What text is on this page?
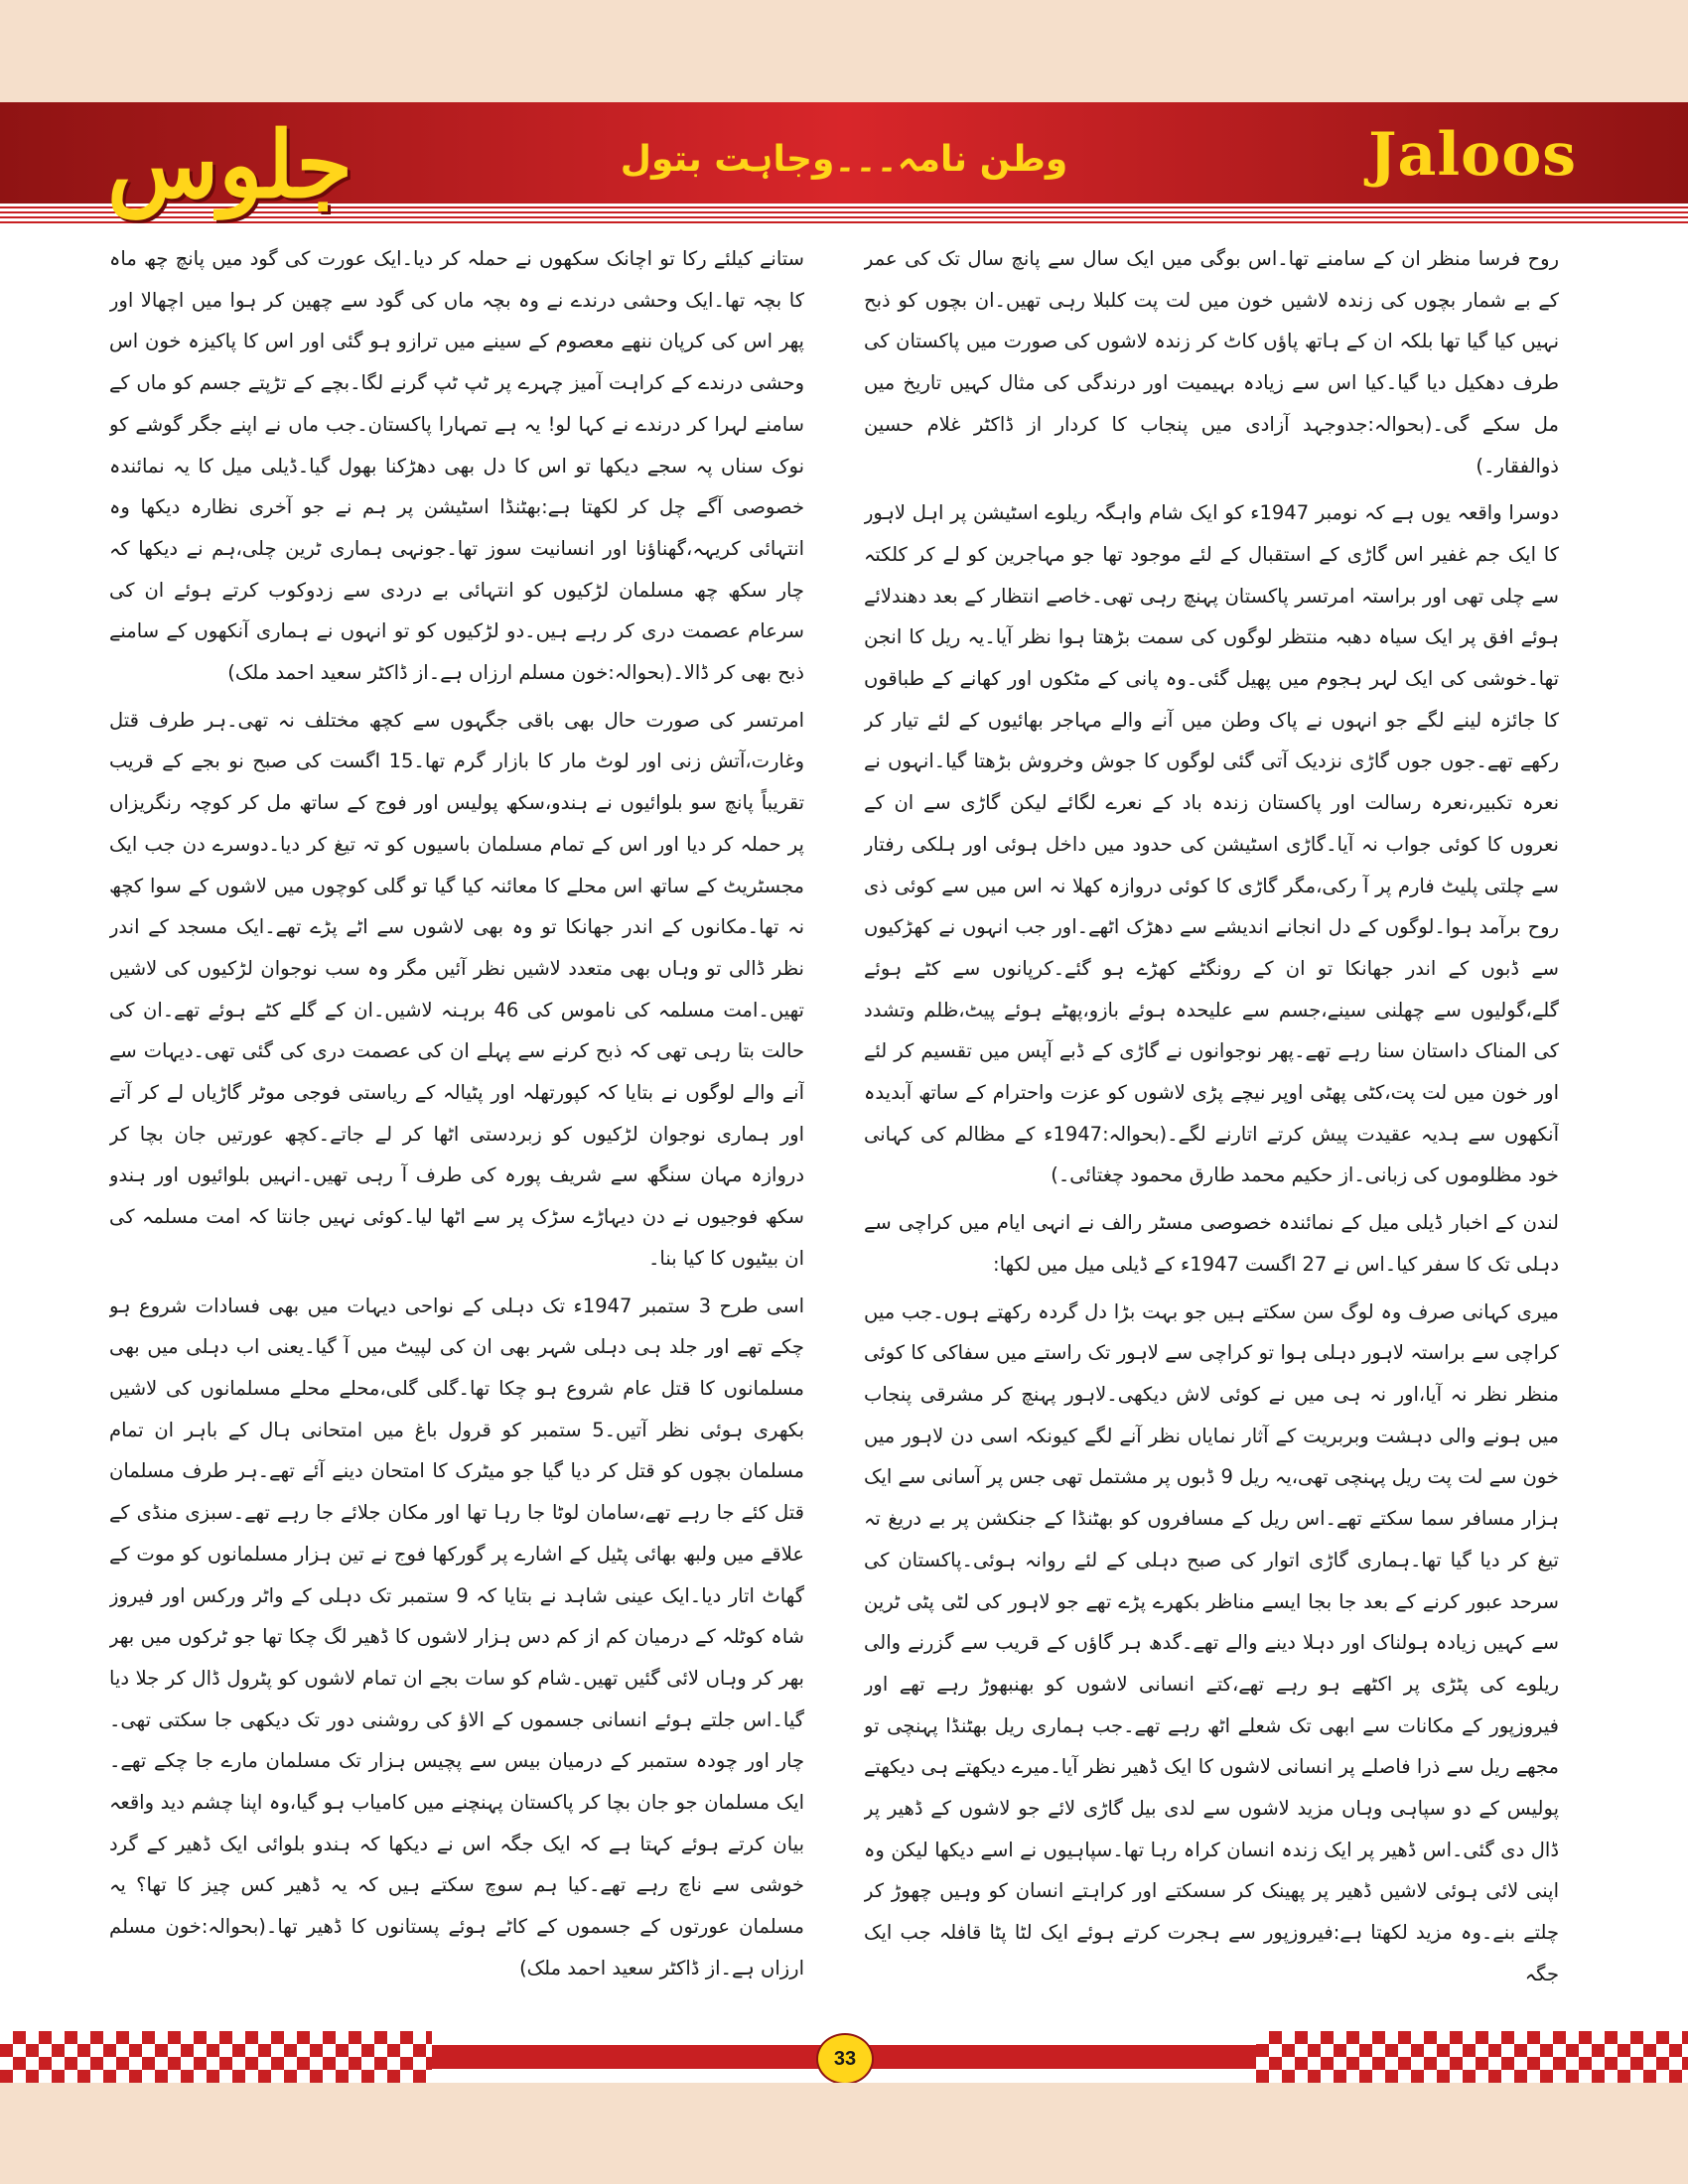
جلوس	وطن نامہ۔۔۔وجاہت بتول	Jaloos

روح فرسا منظر ان کے سامنے تھا۔اس بوگی میں ایک سال سے پانچ سال تک کی عمر کے بے شمار بچوں کی زندہ لاشیں خون میں لت پت کلبلا رہی تھیں۔ان بچوں کو ذبح نہیں کیا گیا تھا بلکہ ان کے ہاتھ پاؤں کاٹ کر زندہ لاشوں کی صورت میں پاکستان کی طرف دھکیل دیا گیا۔کیا اس سے زیادہ بہیمیت اور درندگی کی مثال کہیں تاریخ میں مل سکے گی۔(بحوالہ:جدوجہد آزادی میں پنجاب کا کردار از ڈاکٹر غلام حسین ذوالفقار۔)

دوسرا واقعہ یوں ہے کہ نومبر 1947ء کو ایک شام واہگہ ریلوے اسٹیشن پر اہل لاہور کا ایک جم غفیر اس گاڑی کے استقبال کے لئے موجود تھا جو مہاجرین کو لے کر کلکتہ سے چلی تھی اور براستہ امرتسر پاکستان پہنچ رہی تھی۔خاصے انتظار کے بعد دھندلائے ہوئے افق پر ایک سیاہ دھبہ منتظر لوگوں کی سمت بڑھتا ہوا نظر آیا۔یہ ریل کا انجن تھا۔خوشی کی ایک لہر ہجوم میں پھیل گئی۔وہ پانی کے مٹکوں اور کھانے کے طباقوں کا جائزہ لینے لگے جو انہوں نے پاک وطن میں آنے والے مہاجر بھائیوں کے لئے تیار کر رکھے تھے۔جوں جوں گاڑی نزدیک آتی گئی لوگوں کا جوش وخروش بڑھتا گیا۔انہوں نے نعرہ تکبیر،نعرہ رسالت اور پاکستان زندہ باد کے نعرے لگائے لیکن گاڑی سے ان کے نعروں کا کوئی جواب نہ آیا۔گاڑی اسٹیشن کی حدود میں داخل ہوئی اور ہلکی رفتار سے چلتی پلیٹ فارم پر آ رکی،مگر گاڑی کا کوئی دروازہ کھلا نہ اس میں سے کوئی ذی روح برآمد ہوا۔لوگوں کے دل انجانے اندیشے سے دھڑک اٹھے۔اور جب انہوں نے کھڑکیوں سے ڈبوں کے اندر جھانکا تو ان کے رونگٹے کھڑے ہو گئے۔کرپانوں سے کٹے ہوئے گلے،گولیوں سے چھلنی سینے،جسم سے علیحدہ ہوئے بازو،پھٹے ہوئے پیٹ،ظلم وتشدد کی المناک داستان سنا رہے تھے۔پھر نوجوانوں نے گاڑی کے ڈبے آپس میں تقسیم کر لئے اور خون میں لت پت،کٹی پھٹی اوپر نیچے پڑی لاشوں کو عزت واحترام کے ساتھ آبدیدہ آنکھوں سے ہدیہ عقیدت پیش کرتے اتارنے لگے۔(بحوالہ:1947ء کے مظالم کی کہانی خود مظلوموں کی زبانی۔از حکیم محمد طارق محمود چغتائی۔)

لندن کے اخبار ڈیلی میل کے نمائندہ خصوصی مسٹر رالف نے انہی ایام میں کراچی سے دہلی تک کا سفر کیا۔اس نے 27 اگست 1947ء کے ڈیلی میل میں لکھا:

میری کہانی صرف وہ لوگ سن سکتے ہیں جو بہت بڑا دل گردہ رکھتے ہوں۔جب میں کراچی سے براستہ لاہور دہلی ہوا تو کراچی سے لاہور تک راستے میں سفاکی کا کوئی منظر نظر نہ آیا،اور نہ ہی میں نے کوئی لاش دیکھی۔لاہور پہنچ کر مشرقی پنجاب میں ہونے والی دہشت وبربریت کے آثار نمایاں نظر آنے لگے کیونکہ اسی دن لاہور میں خون سے لت پت ریل پہنچی تھی،یہ ریل 9 ڈبوں پر مشتمل تھی جس پر آسانی سے ایک ہزار مسافر سما سکتے تھے۔اس ریل کے مسافروں کو بھٹنڈا کے جنکشن پر بے دریغ تہ تیغ کر دیا گیا تھا۔ہماری گاڑی اتوار کی صبح دہلی کے لئے روانہ ہوئی۔پاکستان کی سرحد عبور کرنے کے بعد جا بجا ایسے مناظر بکھرے پڑے تھے جو لاہور کی لٹی پٹی ٹرین سے کہیں زیادہ ہولناک اور دہلا دینے والے تھے۔گدھ ہر گاؤں کے قریب سے گزرنے والی ریلوے کی پٹڑی پر اکٹھے ہو رہے تھے،کتے انسانی لاشوں کو بھنبھوڑ رہے تھے اور فیروزپور کے مکانات سے ابھی تک شعلے اٹھ رہے تھے۔جب ہماری ریل بھٹنڈا پہنچی تو مجھے ریل سے ذرا فاصلے پر انسانی لاشوں کا ایک ڈھیر نظر آیا۔میرے دیکھتے ہی دیکھتے پولیس کے دو سپاہی وہاں مزید لاشوں سے لدی بیل گاڑی لائے جو لاشوں کے ڈھیر پر ڈال دی گئی۔اس ڈھیر پر ایک زندہ انسان کراہ رہا تھا۔سپاہیوں نے اسے دیکھا لیکن وہ اپنی لائی ہوئی لاشیں ڈھیر پر پھینک کر سسکتے اور کراہتے انسان کو وہیں چھوڑ کر چلتے بنے۔وہ مزید لکھتا ہے:فیروزپور سے ہجرت کرتے ہوئے ایک لٹا پٹا قافلہ جب ایک جگہ

ستانے کیلئے رکا تو اچانک سکھوں نے حملہ کر دیا۔ایک عورت کی گود میں پانچ چھ ماہ کا بچہ تھا۔ایک وحشی درندے نے وہ بچہ ماں کی گود سے چھین کر ہوا میں اچھالا اور پھر اس کی کرپان ننھے معصوم کے سینے میں ترازو ہو گئی اور اس کا پاکیزہ خون اس وحشی درندے کے کراہت آمیز چہرے پر ٹپ ٹپ گرنے لگا۔بچے کے تڑپتے جسم کو ماں کے سامنے لہرا کر درندے نے کہا لو! یہ ہے تمہارا پاکستان۔جب ماں نے اپنے جگر گوشے کو نوک سناں پہ سجے دیکھا تو اس کا دل بھی دھڑکنا بھول گیا۔ڈیلی میل کا یہ نمائندہ خصوصی آگے چل کر لکھتا ہے:بھٹنڈا اسٹیشن پر ہم نے جو آخری نظارہ دیکھا وہ انتہائی کریہہ،گھناؤنا اور انسانیت سوز تھا۔جونہی ہماری ٹرین چلی،ہم نے دیکھا کہ چار سکھ چھ مسلمان لڑکیوں کو انتہائی بے دردی سے زدوکوب کرتے ہوئے ان کی سرعام عصمت دری کر رہے ہیں۔دو لڑکیوں کو تو انہوں نے ہماری آنکھوں کے سامنے ذبح بھی کر ڈالا۔(بحوالہ:خون مسلم ارزاں ہے۔از ڈاکٹر سعید احمد ملک)

امرتسر کی صورت حال بھی باقی جگہوں سے کچھ مختلف نہ تھی۔ہر طرف قتل وغارت،آتش زنی اور لوٹ مار کا بازار گرم تھا۔15 اگست کی صبح نو بجے کے قریب تقریباً پانچ سو بلوائیوں نے ہندو،سکھ پولیس اور فوج کے ساتھ مل کر کوچہ رنگریزاں پر حملہ کر دیا اور اس کے تمام مسلمان باسیوں کو تہ تیغ کر دیا۔دوسرے دن جب ایک مجسٹریٹ کے ساتھ اس محلے کا معائنہ کیا گیا تو گلی کوچوں میں لاشوں کے سوا کچھ نہ تھا۔مکانوں کے اندر جھانکا تو وہ بھی لاشوں سے اٹے پڑے تھے۔ایک مسجد کے اندر نظر ڈالی تو وہاں بھی متعدد لاشیں نظر آئیں مگر وہ سب نوجوان لڑکیوں کی لاشیں تھیں۔امت مسلمہ کی ناموس کی 46 برہنہ لاشیں۔ان کے گلے کٹے ہوئے تھے۔ان کی حالت بتا رہی تھی کہ ذبح کرنے سے پہلے ان کی عصمت دری کی گئی تھی۔دیہات سے آنے والے لوگوں نے بتایا کہ کپورتھلہ اور پٹیالہ کے ریاستی فوجی موٹر گاڑیاں لے کر آتے اور ہماری نوجوان لڑکیوں کو زبردستی اٹھا کر لے جاتے۔کچھ عورتیں جان بچا کر دروازہ مہان سنگھ سے شریف پورہ کی طرف آ رہی تھیں۔انہیں بلوائیوں اور ہندو سکھ فوجیوں نے دن دیہاڑے سڑک پر سے اٹھا لیا۔کوئی نہیں جانتا کہ امت مسلمہ کی ان بیٹیوں کا کیا بنا۔

اسی طرح 3 ستمبر 1947ء تک دہلی کے نواحی دیہات میں بھی فسادات شروع ہو چکے تھے اور جلد ہی دہلی شہر بھی ان کی لپیٹ میں آ گیا۔یعنی اب دہلی میں بھی مسلمانوں کا قتل عام شروع ہو چکا تھا۔گلی گلی،محلے محلے مسلمانوں کی لاشیں بکھری ہوئی نظر آتیں۔5 ستمبر کو قرول باغ میں امتحانی ہال کے باہر ان تمام مسلمان بچوں کو قتل کر دیا گیا جو میٹرک کا امتحان دینے آئے تھے۔ہر طرف مسلمان قتل کئے جا رہے تھے،سامان لوٹا جا رہا تھا اور مکان جلائے جا رہے تھے۔سبزی منڈی کے علاقے میں ولبھ بھائی پٹیل کے اشارے پر گورکھا فوج نے تین ہزار مسلمانوں کو موت کے گھاٹ اتار دیا۔ایک عینی شاہد نے بتایا کہ 9 ستمبر تک دہلی کے واٹر ورکس اور فیروز شاہ کوٹلہ کے درمیان کم از کم دس ہزار لاشوں کا ڈھیر لگ چکا تھا جو ٹرکوں میں بھر بھر کر وہاں لائی گئیں تھیں۔شام کو سات بجے ان تمام لاشوں کو پٹرول ڈال کر جلا دیا گیا۔اس جلتے ہوئے انسانی جسموں کے الاؤ کی روشنی دور تک دیکھی جا سکتی تھی۔چار اور چودہ ستمبر کے درمیان بیس سے پچیس ہزار تک مسلمان مارے جا چکے تھے۔ایک مسلمان جو جان بچا کر پاکستان پہنچنے میں کامیاب ہو گیا،وہ اپنا چشم دید واقعہ بیان کرتے ہوئے کہتا ہے کہ ایک جگہ اس نے دیکھا کہ ہندو بلوائی ایک ڈھیر کے گرد خوشی سے ناچ رہے تھے۔کیا ہم سوچ سکتے ہیں کہ یہ ڈھیر کس چیز کا تھا؟ یہ مسلمان عورتوں کے جسموں کے کاٹے ہوئے پستانوں کا ڈھیر تھا۔(بحوالہ:خون مسلم ارزاں ہے۔از ڈاکٹر سعید احمد ملک)

33
